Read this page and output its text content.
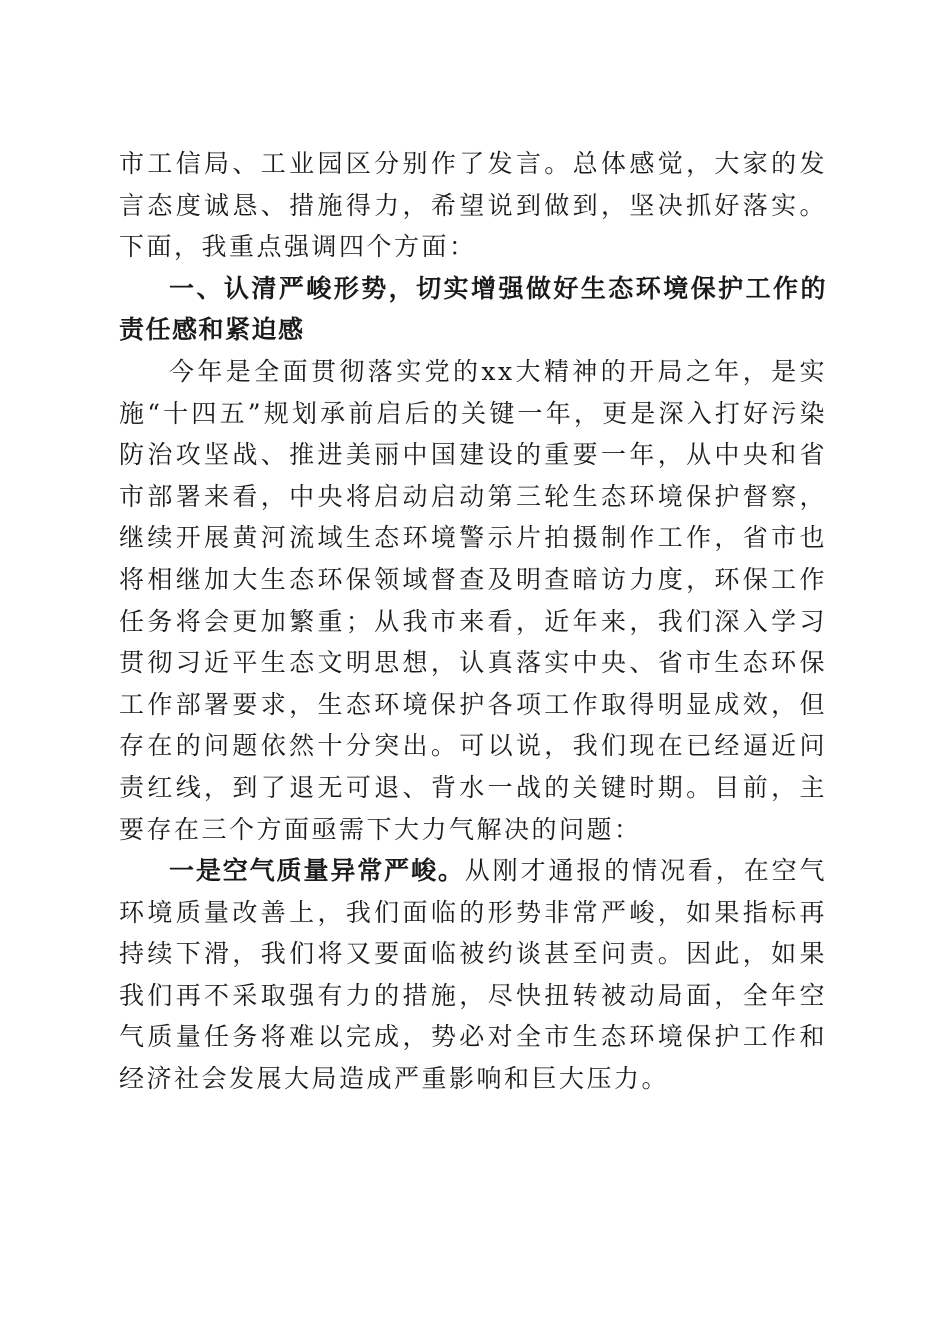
市工信局、工业园区分别作了发言。总体感觉，大家的发言态度诚恳、措施得力，希望说到做到，坚决抓好落实。下面，我重点强调四个方面：

一、认清严峻形势，切实增强做好生态环境保护工作的责任感和紧迫感

今年是全面贯彻落实党的xx大精神的开局之年，是实施“十四五”规划承前启后的关键一年，更是深入打好污染防治攻坚战、推进美丽中国建设的重要一年，从中央和省市部署来看，中央将启动启动第三轮生态环境保护督察，继续开展黄河流域生态环境警示片拍摄制作工作，省市也将相继加大生态环保领域督查及明查暗访力度，环保工作任务将会更加繁重；从我市来看，近年来，我们深入学习贯彻习近平生态文明思想，认真落实中央、省市生态环保工作部署要求，生态环境保护各项工作取得明显成效，但存在的问题依然十分突出。可以说，我们现在已经逼近问责红线，到了退无可退、背水一战的关键时期。目前，主要存在三个方面亟需下大力气解决的问题：

一是空气质量异常严峻。从刚才通报的情况看，在空气环境质量改善上，我们面临的形势非常严峻，如果指标再持续下滑，我们将又要面临被约谈甚至问责。因此，如果我们再不采取强有力的措施，尽快扭转被动局面，全年空气质量任务将难以完成，势必对全市生态环境保护工作和经济社会发展大局造成严重影响和巨大压力。
